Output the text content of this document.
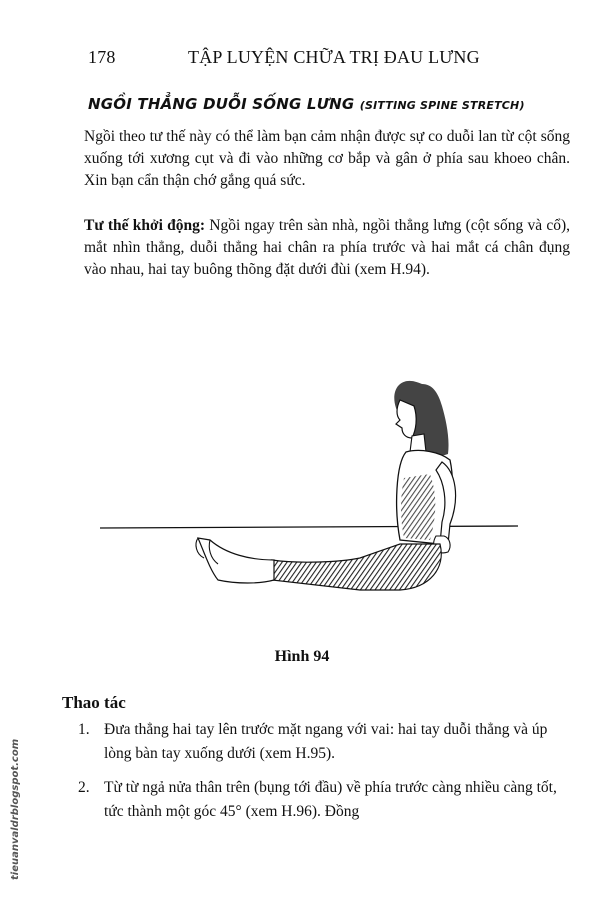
178	TẬP LUYỆN CHỮA TRỊ ĐAU LƯNG
NGỒI THẲNG DUỖI SỐNG LƯNG (SITTING SPINE STRETCH)

Ngồi theo tư thế này có thể làm bạn cảm nhận được sự co duỗi lan từ cột sống xuống tới xương cụt và đi vào những cơ bắp và gân ở phía sau khoeo chân. Xin bạn cẩn thận chớ gắng quá sức.

Tư thế khởi động: Ngồi ngay trên sàn nhà, ngồi thẳng lưng (cột sống và cổ), mắt nhìn thẳng, duỗi thẳng hai chân ra phía trước và hai mắt cá chân đụng vào nhau, hai tay buông thõng đặt dưới đùi (xem H.94).

Hình 94
Thao tác
1. Đưa thẳng hai tay lên trước mặt ngang với vai: hai tay duỗi thẳng và úp lòng bàn tay xuống dưới (xem H.95).
2. Từ từ ngả nửa thân trên (bụng tới đầu) về phía trước càng nhiều càng tốt, tức thành một góc 45° (xem H.96). Đồng
tieuanvaldrblogspot.com
